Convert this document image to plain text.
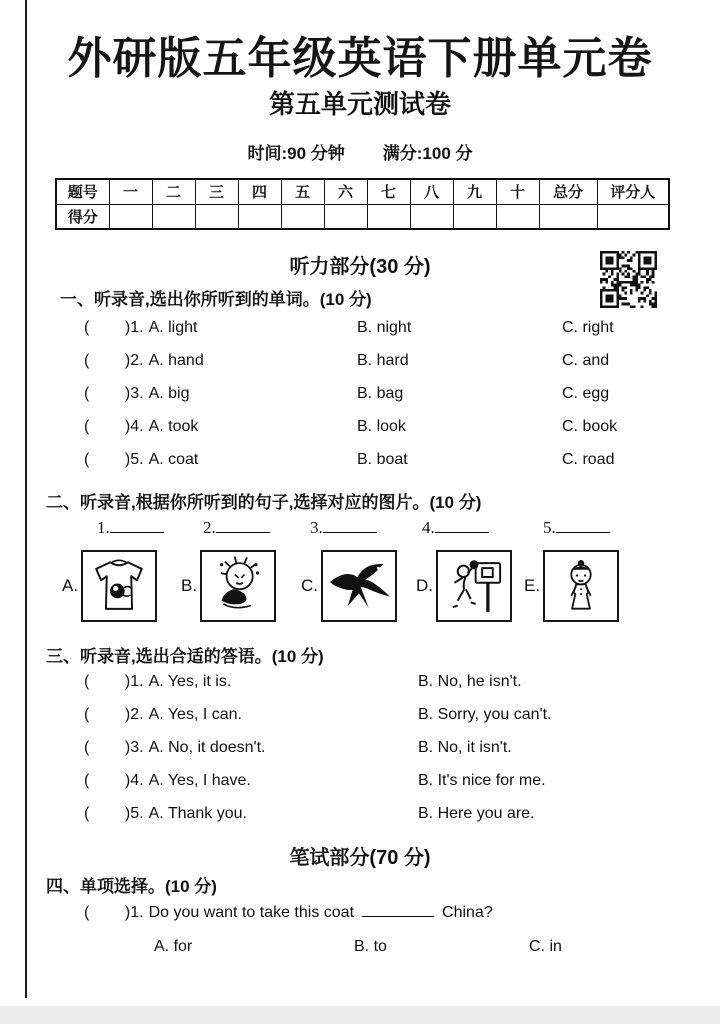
外研版五年级英语下册单元卷
第五单元测试卷
时间:90 分钟 满分:100 分
题号	一	二	三	四	五	六	七	八	九	十	总分	评分人
得分												
听力部分(30 分)
一、听录音,选出你所听到的单词。(10 分)
(        )1. A. light	B. night	C. right
(        )2. A. hand	B. hard	C. and
(        )3. A. big	B. bag	C. egg
(        )4. A. took	B. look	C. book
(        )5. A. coat	B. boat	C. road
二、听录音,根据你所听到的句子,选择对应的图片。(10 分)
1.	2.	3.	4.	5.
A.	B.	C.	D.	E.
三、听录音,选出合适的答语。(10 分)
(        )1. A. Yes, it is.	B. No, he isn't.
(        )2. A. Yes, I can.	B. Sorry, you can't.
(        )3. A. No, it doesn't.	B. No, it isn't.
(        )4. A. Yes, I have.	B. It's nice for me.
(        )5. A. Thank you.	B. Here you are.
笔试部分(70 分)
四、单项选择。(10 分)
(        )1. Do you want to take this coat	China?
A. for	B. to	C. in
